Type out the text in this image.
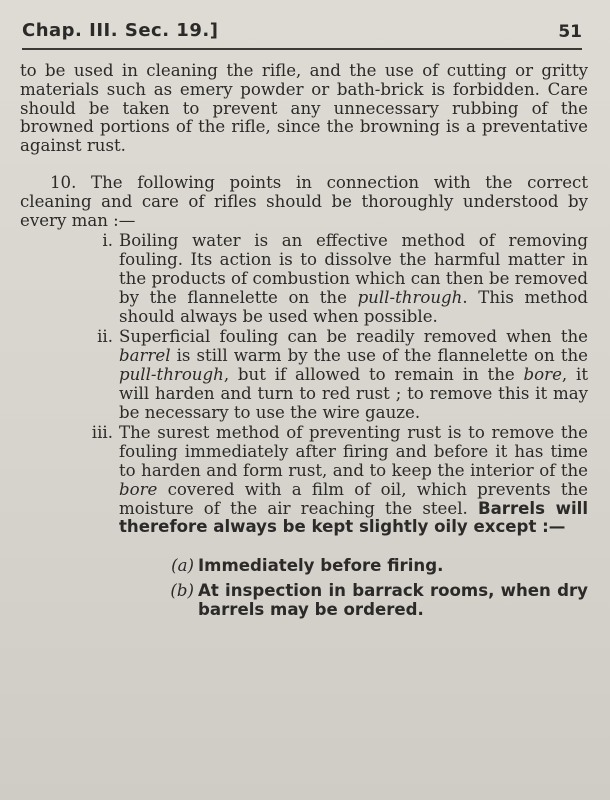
Chap. III. Sec. 19.]	51

to be used in cleaning the rifle, and the use of cutting or gritty materials such as emery powder or bath-brick is forbidden. Care should be taken to prevent any unnecessary rubbing of the browned portions of the rifle, since the browning is a preventative against rust.

10. The following points in connection with the correct cleaning and care of rifles should be thoroughly understood by every man :—

i. Boiling water is an effective method of removing fouling. Its action is to dissolve the harmful matter in the products of combustion which can then be removed by the flannelette on the pull-through. This method should always be used when possible.

ii. Superficial fouling can be readily removed when the barrel is still warm by the use of the flannelette on the pull-through, but if allowed to remain in the bore, it will harden and turn to red rust ; to remove this it may be necessary to use the wire gauze.

iii. The surest method of preventing rust is to remove the fouling immediately after firing and before it has time to harden and form rust, and to keep the interior of the bore covered with a film of oil, which prevents the moisture of the air reaching the steel. Barrels will therefore always be kept slightly oily except :—

(a) Immediately before firing.

(b) At inspection in barrack rooms, when dry barrels may be ordered.
